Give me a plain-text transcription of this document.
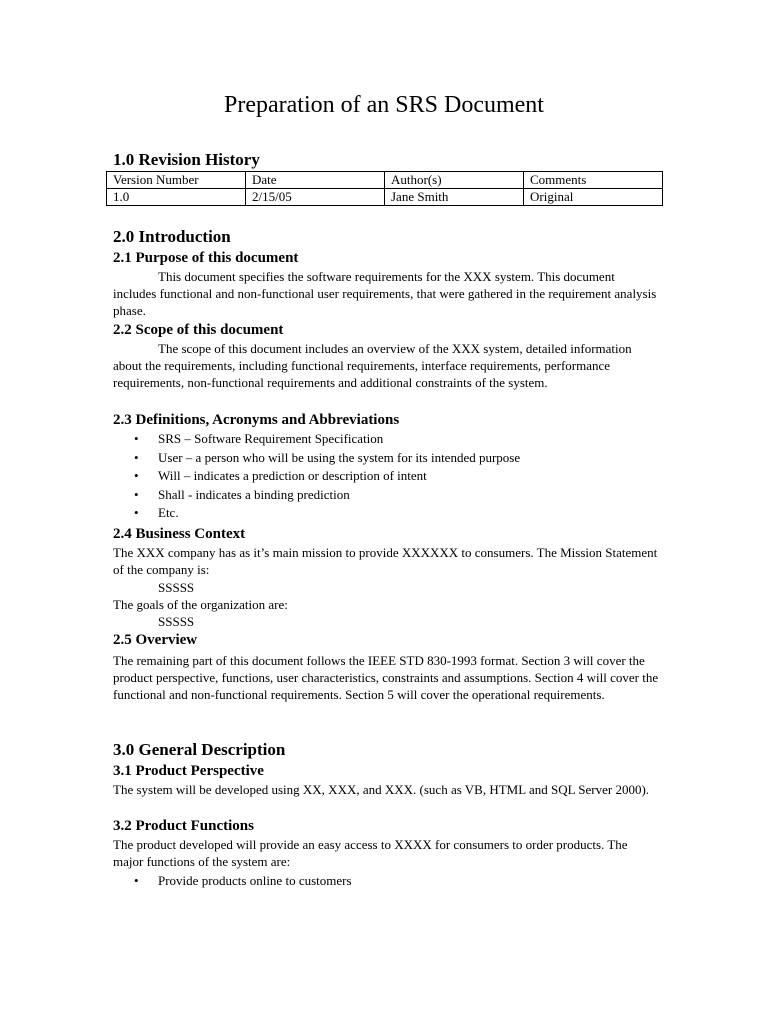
Preparation of an SRS Document
1.0 Revision History
Version Number	Date	Author(s)	Comments
1.0	2/15/05	Jane Smith	Original
2.0 Introduction
2.1 Purpose of this document
This document specifies the software requirements for the XXX system. This document includes functional and non-functional user requirements, that were gathered in the requirement analysis phase.
2.2 Scope of this document
The scope of this document includes an overview of the XXX system, detailed information about the requirements, including functional requirements, interface requirements, performance requirements, non-functional requirements and additional constraints of the system.
2.3 Definitions, Acronyms and Abbreviations
• SRS – Software Requirement Specification
• User – a person who will be using the system for its intended purpose
• Will – indicates a prediction or description of intent
• Shall - indicates a binding prediction
• Etc.
2.4 Business Context
The XXX company has as it’s main mission to provide XXXXXX to consumers. The Mission Statement of the company is:
SSSSS
The goals of the organization are:
SSSSS
2.5 Overview
The remaining part of this document follows the IEEE STD 830-1993 format. Section 3 will cover the product perspective, functions, user characteristics, constraints and assumptions. Section 4 will cover the functional and non-functional requirements. Section 5 will cover the operational requirements.
3.0 General Description
3.1 Product Perspective
The system will be developed using XX, XXX, and XXX. (such as VB, HTML and SQL Server 2000).
3.2 Product Functions
The product developed will provide an easy access to XXXX for consumers to order products. The major functions of the system are:
• Provide products online to customers
